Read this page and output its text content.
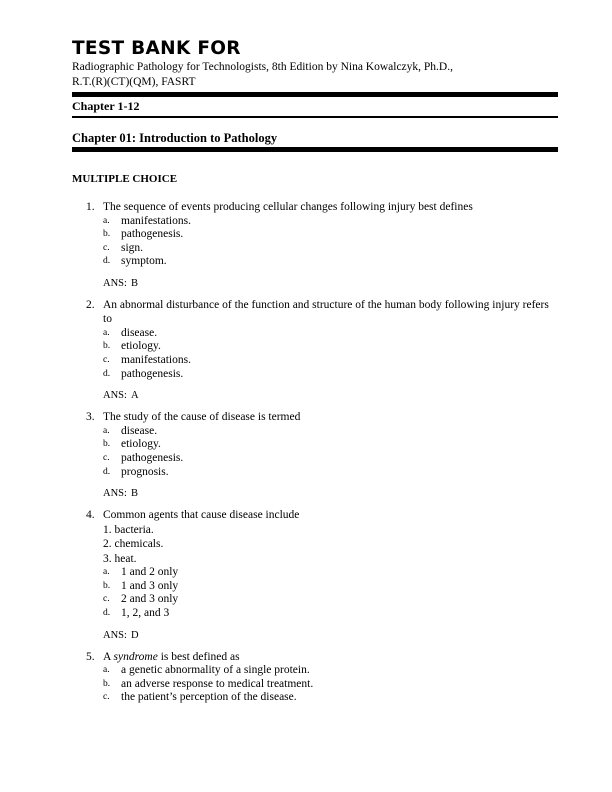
TEST BANK FOR

Radiographic Pathology for Technologists, 8th Edition by Nina Kowalczyk, Ph.D.,

R.T.(R)(CT)(QM), FASRT

Chapter 1-12

Chapter 01: Introduction to Pathology

MULTIPLE CHOICE

1. The sequence of events producing cellular changes following injury best defines
a. manifestations.
b. pathogenesis.
c. sign.
d. symptom.
ANS: B
2. An abnormal disturbance of the function and structure of the human body following injury refers to
a. disease.
b. etiology.
c. manifestations.
d. pathogenesis.
ANS: A
3. The study of the cause of disease is termed
a. disease.
b. etiology.
c. pathogenesis.
d. prognosis.
ANS: B
4. Common agents that cause disease include
1. bacteria.
2. chemicals.
3. heat.
a. 1 and 2 only
b. 1 and 3 only
c. 2 and 3 only
d. 1, 2, and 3
ANS: D
5. A syndrome is best defined as
a. a genetic abnormality of a single protein.
b. an adverse response to medical treatment.
c. the patient’s perception of the disease.
